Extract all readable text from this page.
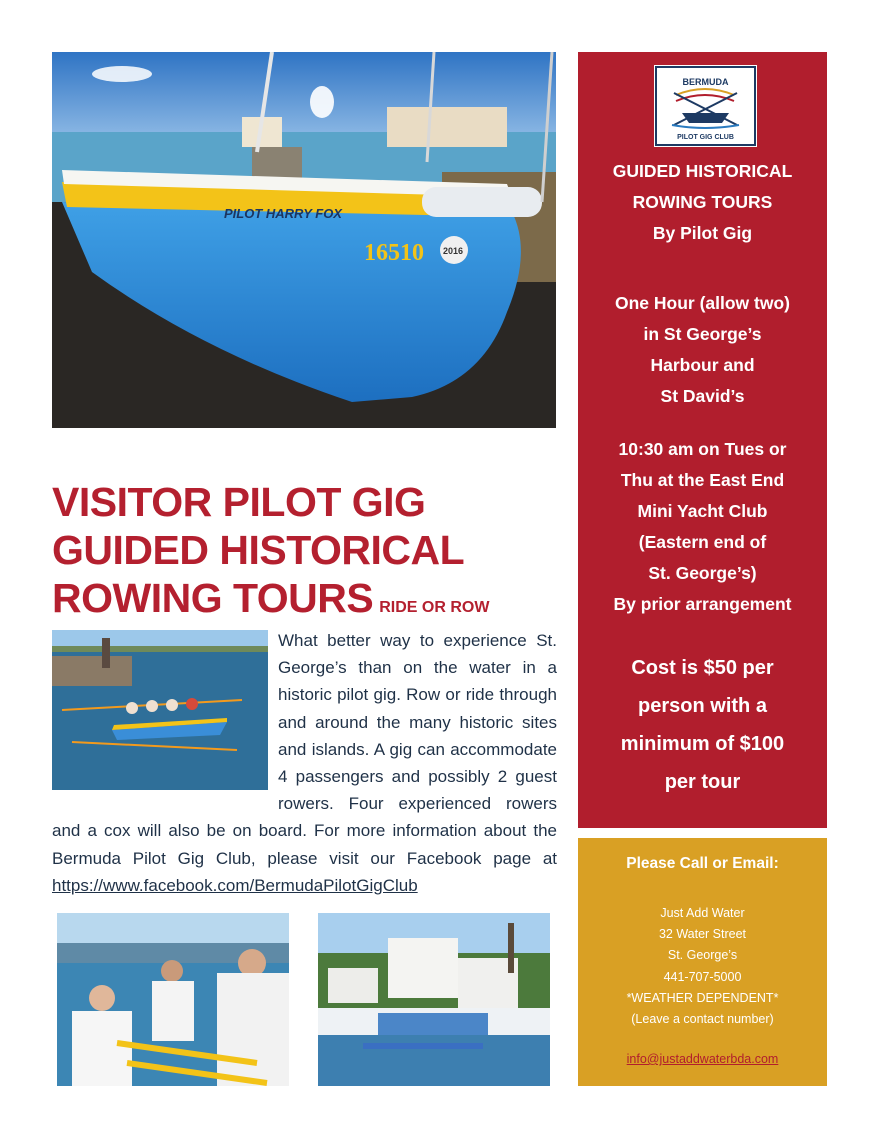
PILOT HARRY FOX
16510 2016
VISITOR PILOT GIG
GUIDED HISTORICAL
ROWING TOURS RIDE OR ROW
What better way to experience St. George’s than on the water in a historic pilot gig. Row or ride through and around the many historic sites and islands. A gig can accommodate 4 passengers and possibly 2 guest rowers. Four experienced rowers and a cox will also be on board. For more information about the Bermuda Pilot Gig Club, please visit our Facebook page at https://www.facebook.com/BermudaPilotGigClub
BERMUDA
PILOT GIG CLUB
GUIDED HISTORICAL
ROWING TOURS
By Pilot Gig
One Hour (allow two)
in St George’s
Harbour and
St David’s
10:30 am on Tues or
Thu at the East End
Mini Yacht Club
(Eastern end of
St. George’s)
By prior arrangement
Cost is $50 per
person with a
minimum of $100
per tour
Please Call or Email:
Just Add Water
32 Water Street
St. George’s
441-707-5000
*WEATHER DEPENDENT*
(Leave a contact number)
info@justaddwaterbda.com
